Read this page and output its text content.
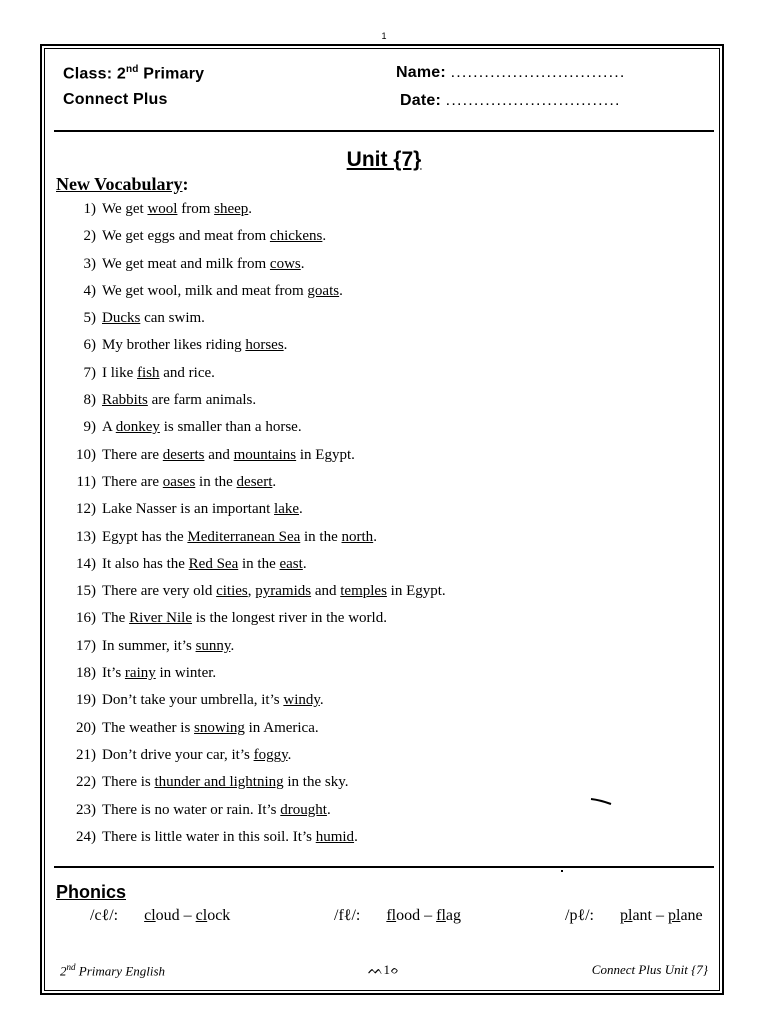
1
Class: 2nd Primary
Connect Plus
Name: ...............................
Date: ...............................
Unit {7}
New Vocabulary:
1) We get wool from sheep.
2) We get eggs and meat from chickens.
3) We get meat and milk from cows.
4) We get wool, milk and meat from goats.
5) Ducks can swim.
6) My brother likes riding horses.
7) I like fish and rice.
8) Rabbits are farm animals.
9) A donkey is smaller than a horse.
10) There are deserts and mountains in Egypt.
11) There are oases in the desert.
12) Lake Nasser is an important lake.
13) Egypt has the Mediterranean Sea in the north.
14) It also has the Red Sea in the east.
15) There are very old cities, pyramids and temples in Egypt.
16) The River Nile is the longest river in the world.
17) In summer, it’s sunny.
18) It’s rainy in winter.
19) Don’t take your umbrella, it’s windy.
20) The weather is snowing in America.
21) Don’t drive your car, it’s foggy.
22) There is thunder and lightning in the sky.
23) There is no water or rain. It’s drought.
24) There is little water in this soil. It’s humid.
Phonics
/cℓ/: cloud – clock	/fℓ/: flood – flag	/pℓ/: plant – plane
2nd Primary English	ᨓ1ᨔ	Connect Plus Unit {7}
